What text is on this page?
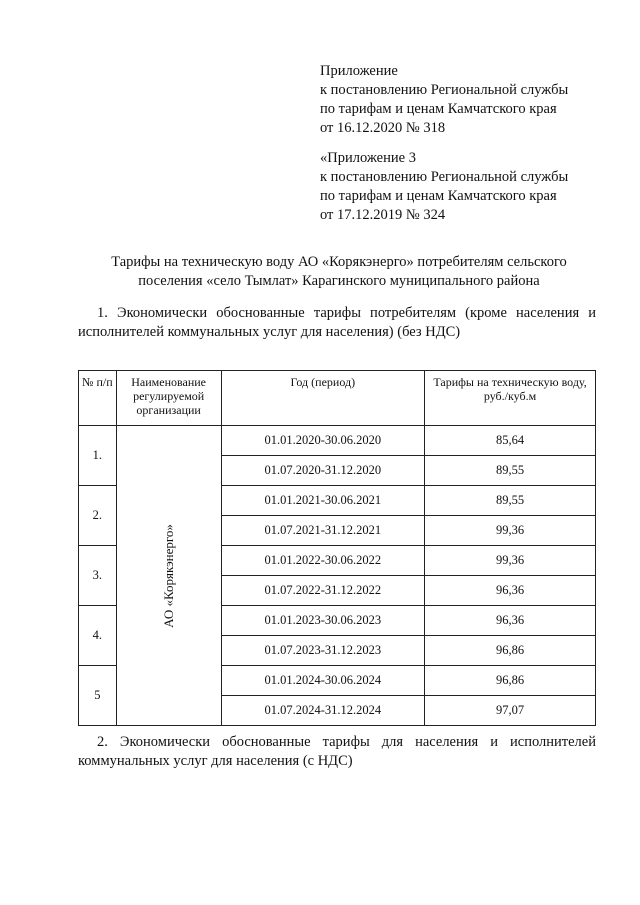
Приложение
к постановлению Региональной службы
по тарифам и ценам Камчатского края
от 16.12.2020 № 318
«Приложение 3
к постановлению Региональной службы
по тарифам и ценам Камчатского края
от 17.12.2019 № 324
Тарифы на техническую воду АО «Корякэнерго» потребителям сельского поселения «село Тымлат» Карагинского муниципального района
1. Экономически обоснованные тарифы потребителям (кроме населения и исполнителей коммунальных услуг для населения) (без НДС)
№ п/п	Наименование регулируемой организации	Год (период)	Тарифы на техническую воду, руб./куб.м
1.	АО «Корякэнерго»	01.01.2020-30.06.2020	85,64
		01.07.2020-31.12.2020	89,55
2.		01.01.2021-30.06.2021	89,55
		01.07.2021-31.12.2021	99,36
3.		01.01.2022-30.06.2022	99,36
		01.07.2022-31.12.2022	96,36
4.		01.01.2023-30.06.2023	96,36
		01.07.2023-31.12.2023	96,86
5		01.01.2024-30.06.2024	96,86
		01.07.2024-31.12.2024	97,07
2. Экономически обоснованные тарифы для населения и исполнителей коммунальных услуг для населения (с НДС)
